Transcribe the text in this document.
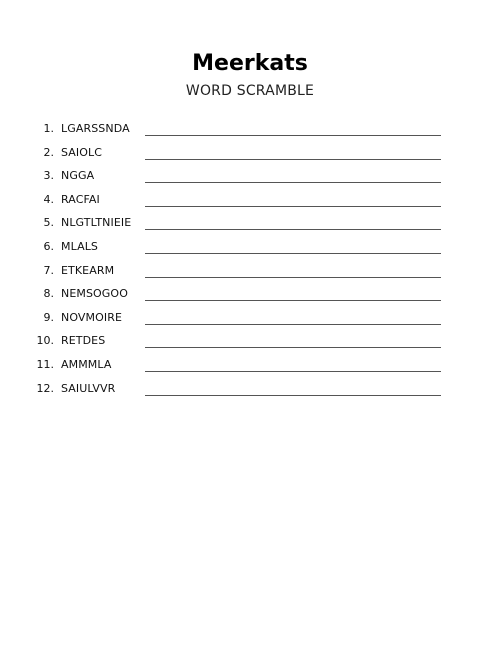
Meerkats
WORD SCRAMBLE
1. LGARSSNDA
2. SAIOLC
3. NGGA
4. RACFAI
5. NLGTLTNIEIE
6. MLALS
7. ETKEARM
8. NEMSOGOO
9. NOVMOIRE
10. RETDES
11. AMMMLA
12. SAIULVVR
